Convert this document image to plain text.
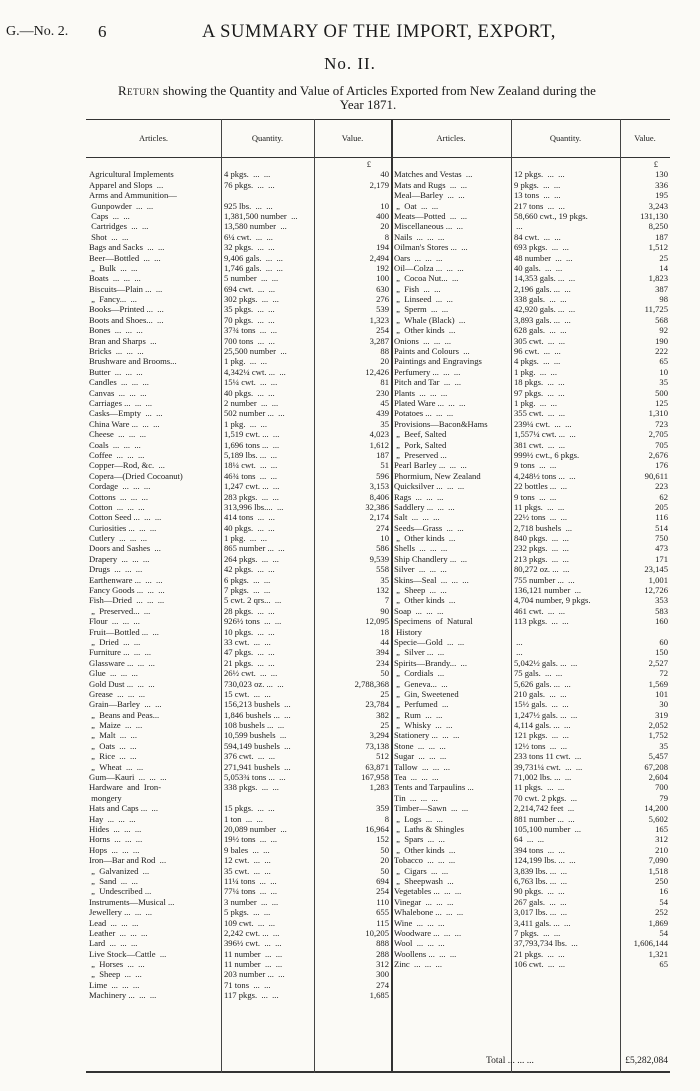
G.—No. 2. 6	A SUMMARY OF THE IMPORT, EXPORT,
No. II.
Return showing the Quantity and Value of Articles Exported from New Zealand during the
Year 1871.
Articles.	Quantity.	Value.	Articles.	Quantity.	Value.
£
Agricultural Implements	4 pkgs.  ...  ...	40
Apparel and Slops  ...	76 pkgs.  ...  ...	2,179
Arms and Ammunition—
Gunpowder  ...  ...	925 lbs.  ...  ...	10
Caps  ...  ...	1,381,500 number  ...	400
Cartridges  ...  ...	13,580 number  ...	20
Shot  ...  ...	6¼ cwt.  ...  ...	8
Bags and Sacks  ...  ...	32 pkgs.  ...  ...	194
Beer—Bottled  ...  ...	9,406 gals.  ...  ...	2,494
„  Bulk  ...  ...	1,746 gals.  ...  ...	192
Boats  ...  ...  ...	5 number  ...  ...	100
Biscuits—Plain ...  ...	694 cwt.  ...  ...	630
„  Fancy...  ...	302 pkgs.  ...  ...	276
Books—Printed ...  ...	35 pkgs.  ...  ...	539
Boots and Shoes...  ...	70 pkgs.  ...  ...	1,323
Bones  ...  ...  ...	37¾ tons  ...  ...	254
Bran and Sharps  ...	700 tons  ...  ...	3,287
Bricks  ...  ...  ...	25,500 number  ...	88
Brushware and Brooms...	1 pkg.  ...  ...	20
Butter  ...  ...  ...	4,342¼ cwt. ...  ...	12,426
Candles  ...  ...  ...	15¼ cwt.  ...  ...	81
Canvas  ...  ...  ...	40 pkgs.  ...  ...	230
Carriages ...  ...  ...	2 number  ...  ...	45
Casks—Empty  ...  ...	502 number ...  ...	439
China Ware ...  ...  ...	1 pkg.  ...  ...	35
Cheese  ...  ...  ...	1,519 cwt. ...  ...	4,023
Coals  ...  ...  ...	1,696 tons ...  ...	1,612
Coffee  ...  ...  ...	5,189 lbs. ...  ...	187
Copper—Rod, &c.  ...	18¼ cwt.  ...  ...	51
Copera—(Dried Cocoanut)	46¾ tons  ...  ...	596
Cordage  ...  ...  ...	1,247 cwt. ...  ...	3,153
Cottons  ...  ...  ...	283 pkgs.  ...  ...	8,406
Cotton  ...  ...  ...	313,996 lbs....  ...	32,386
Cotton Seed ...  ...  ...	414 tons  ...  ...	2,174
Curiosities ...  ...  ...	40 pkgs.  ...  ...	274
Cutlery  ...  ...  ...	1 pkg.  ...  ...	10
Doors and Sashes  ...	865 number ...  ...	586
Drapery  ...  ...  ...	264 pkgs.  ...  ...	9,539
Drugs  ...  ...  ...	42 pkgs.  ...  ...	558
Earthenware ...  ...  ...	6 pkgs.  ...  ...	35
Fancy Goods ...  ...  ...	7 pkgs.  ...  ...	132
Fish—Dried  ...  ...  ...	5 cwt. 2 qrs...  ...	7
„  Preserved...  ...	28 pkgs.  ...  ...	90
Flour  ...  ...  ...	926½ tons  ...  ...	12,095
Fruit—Bottled ...  ...	10 pkgs.  ...  ...	18
„  Dried  ...  ...	33 cwt.  ...  ...	44
Furniture ...  ...  ...	47 pkgs.  ...  ...	394
Glassware ...  ...  ...	21 pkgs.  ...  ...	234
Glue  ...  ...  ...	26½ cwt.  ...  ...	50
Gold Dust ...  ...  ...	730,023 oz. ...  ...	2,788,368
Grease  ...  ...  ...	15 cwt.  ...  ...	25
Grain—Barley  ...  ...	156,213 bushels  ...	23,784
„  Beans and Peas...	1,846 bushels ...  ...	382
„  Maize  ...  ...	108 bushels ...  ...	25
„  Malt  ...  ...	10,599 bushels  ...	3,294
„  Oats  ...  ...	594,149 bushels  ...	73,138
„  Rice  ...  ...	376 cwt.  ...  ...	512
„  Wheat  ...  ...	271,941 bushels  ...	63,871
Gum—Kauri  ...  ...  ...	5,053¾ tons ...  ...	167,958
Hardware  and  Iron-	338 pkgs.  ...  ...	1,283
mongery
Hats and Caps ...  ...	15 pkgs.  ...  ...	359
Hay  ...  ...  ...	1 ton  ...  ...	8
Hides  ...  ...  ...	20,089 number  ...	16,964
Horns  ...  ...  ...	19½ tons  ...  ...	152
Hops  ...  ...  ...	9 bales  ...  ...	50
Iron—Bar and Rod  ...	12 cwt.  ...  ...	20
„  Galvanized  ...	35 cwt.  ...  ...	50
„  Sand  ...  ...	11¼ tons  ...  ...	694
„  Undescribed ...	77¼ tons  ...  ...	254
Instruments—Musical ...	3 number  ...  ...	110
Jewellery ...  ...  ...	5 pkgs.  ...  ...	655
Lead  ...  ...  ...	109 cwt.  ...  ...	115
Leather  ...  ...  ...	2,242 cwt. ...  ...	10,205
Lard  ...  ...  ...	396½ cwt.  ...  ...	888
Live Stock—Cattle  ...	11 number  ...  ...	288
„  Horses  ...  ...	11 number  ...  ...	312
„  Sheep  ...  ...	203 number ...  ...	300
Lime  ...  ...  ...	71 tons  ...  ...	274
Machinery ...  ...  ...	117 pkgs.  ...  ...	1,685
£
Matches and Vestas  ...	12 pkgs.  ...  ...	130
Mats and Rugs  ...  ...	9 pkgs.  ...  ...	336
Meal—Barley  ...  ...	13 tons  ...  ...	195
„  Oat  ...  ...	217 tons  ...  ...	3,243
Meats—Potted  ...  ...	58,660 cwt., 19 pkgs.	131,130
Miscellaneous ...  ...	...	8,250
Nails  ...  ...  ...	84 cwt.  ...  ...	187
Oilman's Stores ...  ...	693 pkgs.  ...  ...	1,512
Oars  ...  ...  ...	48 number  ...  ...	25
Oil—Colza ...  ...  ...	40 gals.  ...  ...	14
„  Cocoa Nut...  ...	14,353 gals. ...  ...	1,823
„  Fish  ...  ...	2,196 gals. ...  ...	387
„  Linseed  ...  ...	338 gals.  ...  ...	98
„  Sperm  ...  ...	42,920 gals. ...  ...	11,725
„  Whale (Black)  ...	3,893 gals. ...  ...	568
„  Other kinds  ...	628 gals.  ...  ...	92
Onions  ...  ...  ...	305 cwt.  ...  ...	190
Paints and Colours  ...	96 cwt.  ...  ...	222
Paintings and Engravings	4 pkgs.  ...  ...	65
Perfumery ...  ...  ...	1 pkg.  ...  ...	10
Pitch and Tar  ...  ...	18 pkgs.  ...  ...	35
Plants  ...  ...  ...	97 pkgs.  ...  ...	500
Plated Ware ...  ...  ...	1 pkg.  ...  ...	125
Potatoes ...  ...  ...	355 cwt.  ...  ...	1,310
Provisions—Bacon&Hams	239¼ cwt.  ...  ...	723
„  Beef, Salted	1,557¼ cwt. ...  ...	2,705
„  Pork, Salted	381 cwt.  ...  ...	705
„  Preserved ...	999½ cwt., 6 pkgs.	2,676
Pearl Barley ...  ...  ...	9 tons  ...  ...	176
Phormium, New Zealand	4,248½ tons ...  ...	90,611
Quicksilver ...  ...  ...	22 bottles ...  ...	223
Rags  ...  ...  ...	9 tons  ...  ...	62
Saddlery ...  ...  ...	11 pkgs.  ...  ...	205
Salt  ...  ...  ...	22½ tons  ...  ...	116
Seeds—Grass  ...  ...	2,718 bushels  ...	514
„  Other kinds  ...	840 pkgs.  ...  ...	750
Shells  ...  ...  ...	232 pkgs.  ...  ...	473
Ship Chandlery ...  ...	213 pkgs.  ...  ...	171
Silver  ...  ...  ...	80,272 oz. ...  ...	23,145
Skins—Seal  ...  ...  ...	755 number ...  ...	1,001
„  Sheep  ...  ...	136,121 number  ...	12,726
„  Other kinds  ...	4,704 number, 9 pkgs.	353
Soap  ...  ...  ...	461 cwt.  ...  ...	583
Specimens  of  Natural	113 pkgs.  ...  ...	160
History
Specie—Gold  ...  ...	...	60
„  Silver ...  ...	...	150
Spirits—Brandy...  ...	5,042½ gals. ...  ...	2,527
„  Cordials  ...	75 gals.  ...  ...	72
„  Geneva...  ...	5,626 gals. ...  ...	1,569
„  Gin, Sweetened	210 gals.  ...  ...	101
„  Perfumed  ...	15½ gals.  ...  ...	30
„  Rum  ...  ...	1,247½ gals. ...  ...	319
„  Whisky  ...  ...	4,114 gals. ...  ...	2,052
Stationery ...  ...  ...	121 pkgs.  ...  ...	1,752
Stone  ...  ...  ...	12½ tons  ...  ...	35
Sugar  ...  ...  ...	233 tons 11 cwt.  ...	5,457
Tallow  ...  ...  ...	39,731¼ cwt.  ...  ...	67,208
Tea  ...  ...  ...	71,002 lbs. ...  ...	2,604
Tents and Tarpaulins ...	11 pkgs.  ...  ...	700
Tin  ...  ...  ...	70 cwt. 2 pkgs.  ...	79
Timber—Sawn  ...  ...	2,214,742 feet  ...	14,200
„  Logs  ...  ...	881 number ...  ...	5,602
„  Laths & Shingles	105,100 number  ...	165
„  Spars  ...  ...	64  ...  ...	312
„  Other kinds  ...	394 tons  ...  ...	210
Tobacco  ...  ...  ...	124,199 lbs. ...  ...	7,090
„  Cigars  ...  ...	3,839 lbs. ...  ...	1,518
„  Sheepwash  ...	6,763 lbs. ...  ...	250
Vegetables ...  ...  ...	90 pkgs.  ...  ...	16
Vinegar  ...  ...  ...	267 gals.  ...  ...	54
Whalebone ...  ...  ...	3,017 lbs. ...  ...	252
Wine  ...  ...  ...	3,411 gals. ...  ...	1,869
Woodware ...  ...  ...	7 pkgs.  ...  ...	54
Wool  ...  ...  ...	37,793,734 lbs.  ...	1,606,144
Woollens ...  ...  ...	21 pkgs.  ...  ...	1,321
Zinc  ...  ...  ...	106 cwt.  ...  ...	65
Total ... ... ...	£5,282,084
